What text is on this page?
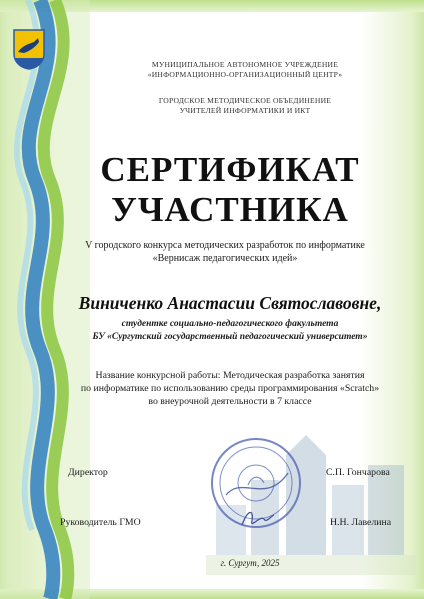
МУНИЦИПАЛЬНОЕ АВТОНОМНОЕ УЧРЕЖДЕНИЕ
«ИНФОРМАЦИОННО-ОРГАНИЗАЦИОННЫЙ ЦЕНТР»
ГОРОДСКОЕ МЕТОДИЧЕСКОЕ ОБЪЕДИНЕНИЕ
УЧИТЕЛЕЙ ИНФОРМАТИКИ И ИКТ
СЕРТИФИКАТ
УЧАСТНИКА
V городского конкурса методических разработок по информатике
«Вернисаж педагогических идей»
Виниченко Анастасии Святославовне,
студентке социально-педагогического факультета
БУ «Сургутский государственный педагогический университет»
Название конкурсной работы: Методическая разработка занятия
по информатике по использованию среды программирования «Scratch»
во внеурочной деятельности в 7 классе
Директор	С.П. Гончарова
Руководитель ГМО	Н.Н. Лавелина
г. Сургут, 2025
